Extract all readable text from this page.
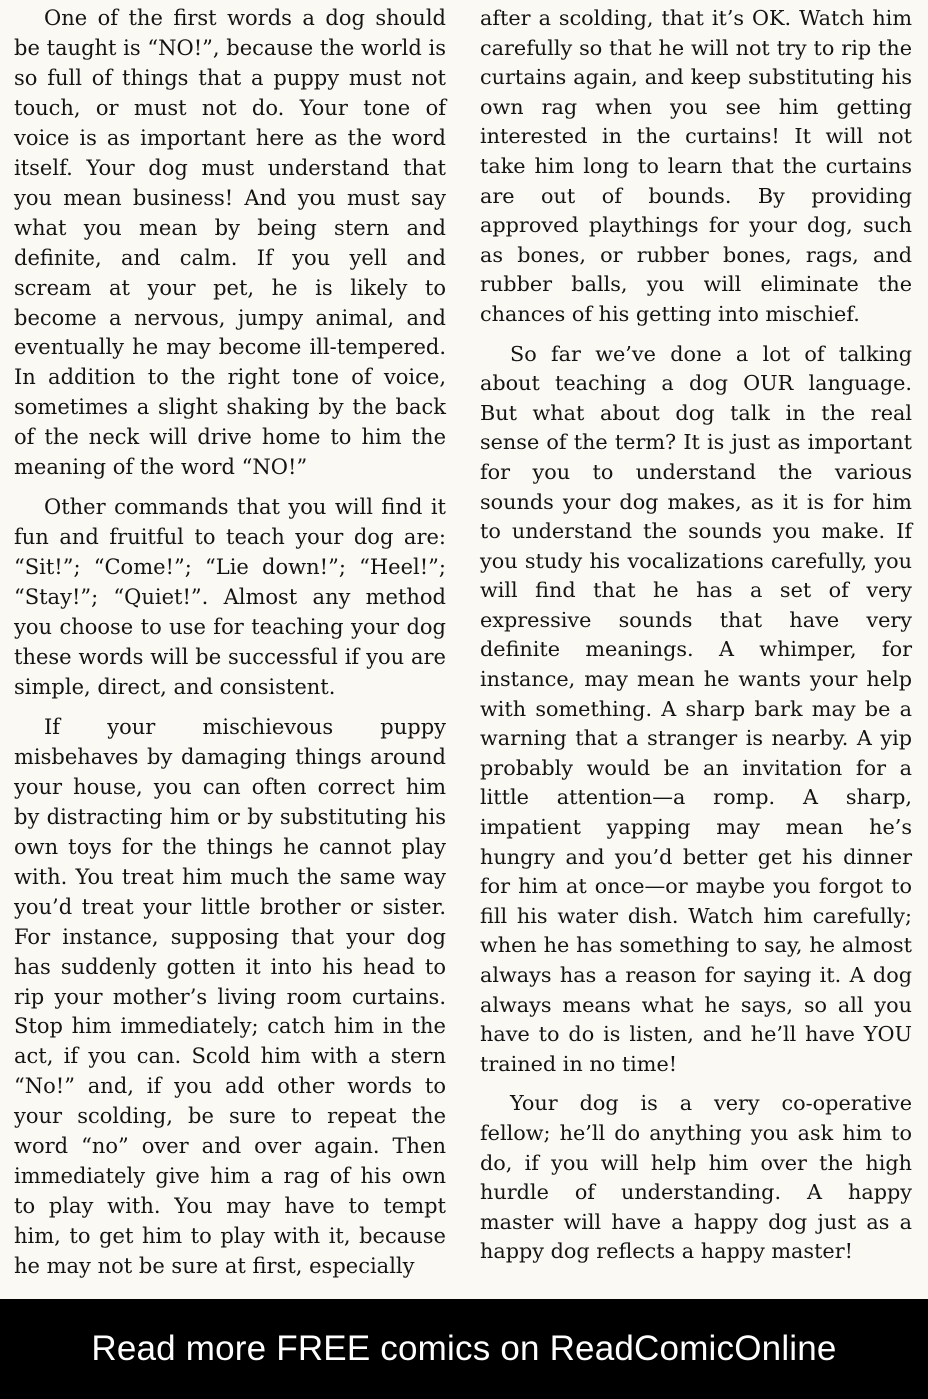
One of the first words a dog should be taught is “NO!”, because the world is so full of things that a puppy must not touch, or must not do. Your tone of voice is as important here as the word itself. Your dog must understand that you mean business! And you must say what you mean by being stern and definite, and calm. If you yell and scream at your pet, he is likely to become a nervous, jumpy animal, and eventually he may become ill-tempered. In addition to the right tone of voice, sometimes a slight shaking by the back of the neck will drive home to him the meaning of the word “NO!”

Other commands that you will find it fun and fruitful to teach your dog are: “Sit!”; “Come!”; “Lie down!”; “Heel!”; “Stay!”; “Quiet!”. Almost any method you choose to use for teaching your dog these words will be successful if you are simple, direct, and consistent.

If your mischievous puppy misbehaves by damaging things around your house, you can often correct him by distracting him or by substituting his own toys for the things he cannot play with. You treat him much the same way you’d treat your little brother or sister. For instance, supposing that your dog has suddenly gotten it into his head to rip your mother’s living room curtains. Stop him immediately; catch him in the act, if you can. Scold him with a stern “No!” and, if you add other words to your scolding, be sure to repeat the word “no” over and over again. Then immediately give him a rag of his own to play with. You may have to tempt him, to get him to play with it, because he may not be sure at first, especially

after a scolding, that it’s OK. Watch him carefully so that he will not try to rip the curtains again, and keep substituting his own rag when you see him getting interested in the curtains! It will not take him long to learn that the curtains are out of bounds. By providing approved playthings for your dog, such as bones, or rubber bones, rags, and rubber balls, you will eliminate the chances of his getting into mischief.

So far we’ve done a lot of talking about teaching a dog OUR language. But what about dog talk in the real sense of the term? It is just as important for you to understand the various sounds your dog makes, as it is for him to understand the sounds you make. If you study his vocalizations carefully, you will find that he has a set of very expressive sounds that have very definite meanings. A whimper, for instance, may mean he wants your help with something. A sharp bark may be a warning that a stranger is nearby. A yip probably would be an invitation for a little attention—a romp. A sharp, impatient yapping may mean he’s hungry and you’d better get his dinner for him at once—or maybe you forgot to fill his water dish. Watch him carefully; when he has something to say, he almost always has a reason for saying it. A dog always means what he says, so all you have to do is listen, and he’ll have YOU trained in no time!

Your dog is a very co-operative fellow; he’ll do anything you ask him to do, if you will help him over the high hurdle of understanding. A happy master will have a happy dog just as a happy dog reflects a happy master!

Read more FREE comics on ReadComicOnline
